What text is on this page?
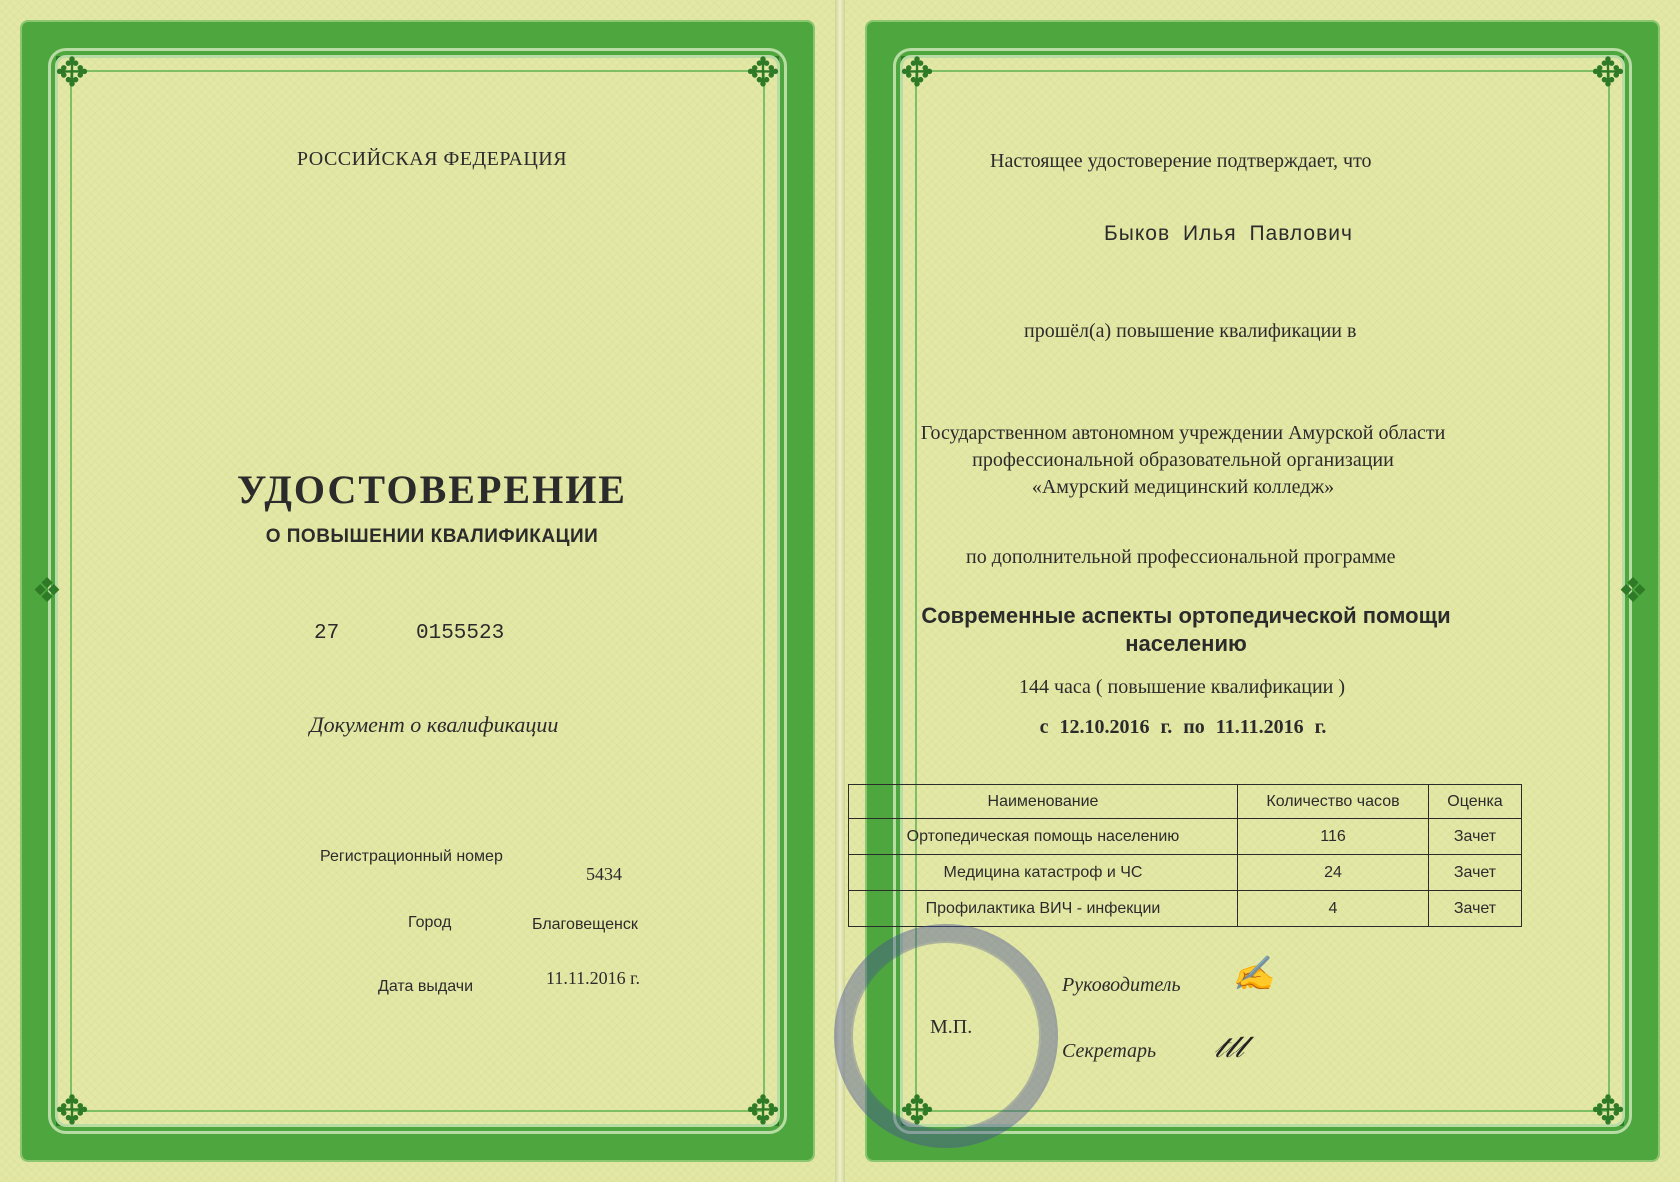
✥	✥
✥	✥
❖
РОССИЙСКАЯ ФЕДЕРАЦИЯ
УДОСТОВЕРЕНИЕ
О ПОВЫШЕНИИ КВАЛИФИКАЦИИ
27	0155523
Документ о квалификации
Регистрационный номер
5434
Город	Благовещенск
Дата выдачи	11.11.2016 г.
✥	✥
✥	✥
❖
Настоящее удостоверение подтверждает, что
Быков Илья Павлович
прошёл(а) повышение квалификации в
Государственном автономном учреждении Амурской области
профессиональной образовательной организации
«Амурский медицинский колледж»
по дополнительной профессиональной программе
Современные аспекты ортопедической помощи
населению
144 часа ( повышение квалификации )
с 12.10.2016 г. по 11.11.2016 г.
Наименование	Количество часов	Оценка
Ортопедическая помощь населению	116	Зачет
Медицина катастроф и ЧС	24	Зачет
Профилактика ВИЧ - инфекции	4	Зачет
Руководитель ✍
М.П.
Секретарь 𝓉𝓁𝓁
